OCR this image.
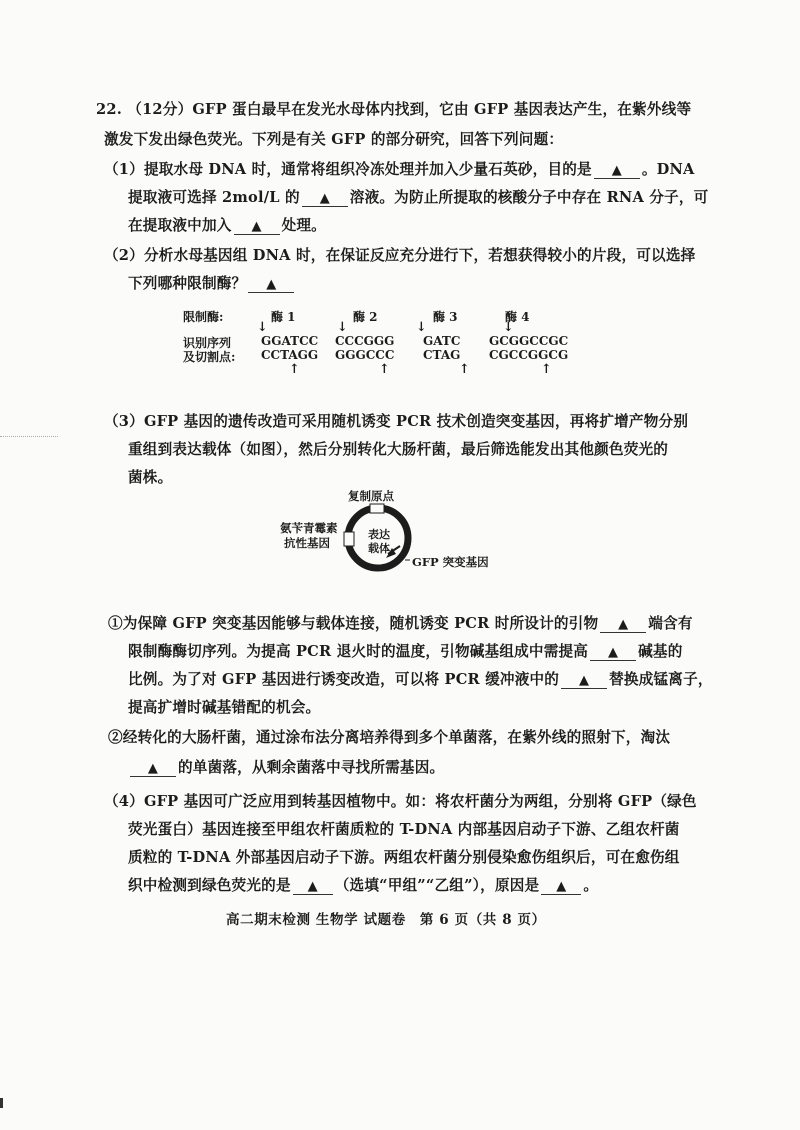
22. （12分）GFP 蛋白最早在发光水母体内找到，它由 GFP 基因表达产生，在紫外线等
激发下发出绿色荧光。下列是有关 GFP 的部分研究，回答下列问题：
（1）提取水母 DNA 时，通常将组织冷冻处理并加入少量石英砂，目的是 ▲ 。DNA
提取液可选择 2mol/L 的 ▲ 溶液。为防止所提取的核酸分子中存在 RNA 分子，可
在提取液中加入 ▲ 处理。
（2）分析水母基因组 DNA 时，在保证反应充分进行下，若想获得较小的片段，可以选择
下列哪种限制酶？ ▲
限制酶:
识别序列
及切割点:
酶 1	酶 2	酶 3	酶 4
↓	↓	↓	↓
GGATCC CCCGGG GATC GCGGCCGC
CCTAGG GGGCCC CTAG CGCCGGCG
↑	↑	↑	↑
（3）GFP 基因的遗传改造可采用随机诱变 PCR 技术创造突变基因，再将扩增产物分别
重组到表达载体（如图），然后分别转化大肠杆菌，最后筛选能发出其他颜色荧光的
菌株。
复制原点
氨苄青霉素
抗性基因
表达
载体
GFP 突变基因
①为保障 GFP 突变基因能够与载体连接，随机诱变 PCR 时所设计的引物 ▲ 端含有
限制酶酶切序列。为提高 PCR 退火时的温度，引物碱基组成中需提高 ▲ 碱基的
比例。为了对 GFP 基因进行诱变改造，可以将 PCR 缓冲液中的 ▲ 替换成锰离子，
提高扩增时碱基错配的机会。
②经转化的大肠杆菌，通过涂布法分离培养得到多个单菌落，在紫外线的照射下，淘汰
▲ 的单菌落，从剩余菌落中寻找所需基因。
（4）GFP 基因可广泛应用到转基因植物中。如：将农杆菌分为两组，分别将 GFP（绿色
荧光蛋白）基因连接至甲组农杆菌质粒的 T-DNA 内部基因启动子下游、乙组农杆菌
质粒的 T-DNA 外部基因启动子下游。两组农杆菌分别侵染愈伤组织后，可在愈伤组
织中检测到绿色荧光的是 ▲ （选填“甲组”“乙组”），原因是 ▲ 。
高二期末检测 生物学 试题卷　第 6 页（共 8 页）
